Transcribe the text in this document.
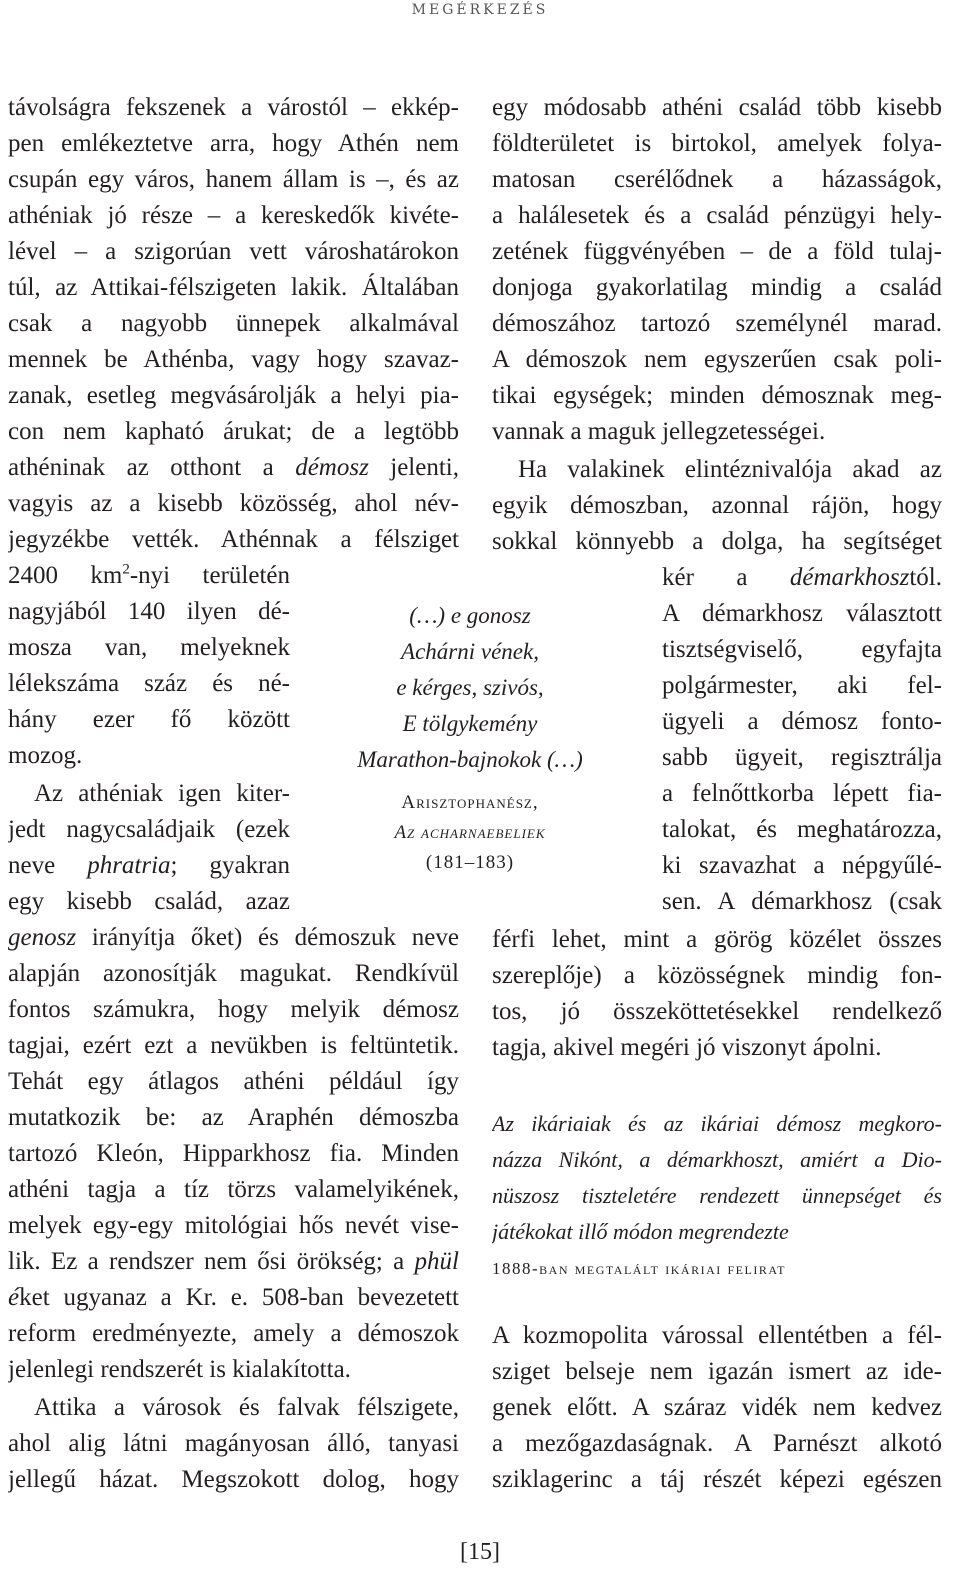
MEGÉRKEZÉS
távolságra fekszenek a várostól – ekkép-
pen emlékeztetve arra, hogy Athén nem
csupán egy város, hanem állam is –, és az
athéniak jó része – a kereskedők kivéte-
lével – a szigorúan vett városhatárokon
túl, az Attikai-félszigeten lakik. Általában
csak a nagyobb ünnepek alkalmával
mennek be Athénba, vagy hogy szavaz-
zanak, esetleg megvásárolják a helyi pia-
con nem kapható árukat; de a legtöbb
athéninak az otthont a démosz jelenti,
vagyis az a kisebb közösség, ahol név-
jegyzékbe vették. Athénnak a félsziget
2400 $km^2$-nyi területén
nagyjából 140 ilyen dé-
mosza van, melyeknek
lélekszáma száz és né-
hány ezer fő között
mozog.
Az athéniak igen kiter-
jedt nagycsaládjaik (ezek
neve phratria; gyakran
egy kisebb család, azaz
genosz irányítja őket) és démoszuk neve
alapján azonosítják magukat. Rendkívül
fontos számukra, hogy melyik démosz
tagjai, ezért ezt a nevükben is feltüntetik.
Tehát egy átlagos athéni például így
mutatkozik be: az Araphén démoszba
tartozó Kleón, Hipparkhosz fia. Minden
athéni tagja a tíz törzs valamelyikének,
melyek egy-egy mitológiai hős nevét vise-
lik. Ez a rendszer nem ősi örökség; a phül
éket ugyanaz a Kr. e. 508-ban bevezetett
reform eredményezte, amely a démoszok
jelenlegi rendszerét is kialakította.
Attika a városok és falvak félszigete,
ahol alig látni magányosan álló, tanyasi
jellegű házat. Megszokott dolog, hogy
(…) e gonosz
Achárni vének,
e kérges, szivós,
E tölgykemény
Marathon-bajnokok (…)
Arisztophanész,
Az acharnaebeliek
(181–183)
egy módosabb athéni család több kisebb
földterületet is birtokol, amelyek folya-
matosan cserélődnek a házasságok,
a halálesetek és a család pénzügyi hely-
zetének függvényében – de a föld tulaj-
donjoga gyakorlatilag mindig a család
démoszához tartozó személynél marad.
A démoszok nem egyszerűen csak poli-
tikai egységek; minden démosznak meg-
vannak a maguk jellegzetességei.
Ha valakinek elintéznivalója akad az
egyik démoszban, azonnal rájön, hogy
sokkal könnyebb a dolga, ha segítséget
kér a démarkhosztól.
A démarkhosz választott
tisztségviselő, egyfajta
polgármester, aki fel-
ügyeli a démosz fonto-
sabb ügyeit, regisztrálja
a felnőttkorba lépett fia-
talokat, és meghatározza,
ki szavazhat a népgyűlé-
sen. A démarkhosz (csak
férfi lehet, mint a görög közélet összes
szereplője) a közösségnek mindig fon-
tos, jó összeköttetésekkel rendelkező
tagja, akivel megéri jó viszonyt ápolni.
Az ikáriaiak és az ikáriai démosz megkoro-
názza Nikónt, a démarkhoszt, amiért a Dio-
nüszosz tiszteletére rendezett ünnepséget és
játékokat illő módon megrendezte
1888-ban megtalált ikáriai felirat
A kozmopolita várossal ellentétben a fél-
sziget belseje nem igazán ismert az ide-
genek előtt. A száraz vidék nem kedvez
a mezőgazdaságnak. A Parnészt alkotó
sziklagerinc a táj részét képezi egészen
[15]
